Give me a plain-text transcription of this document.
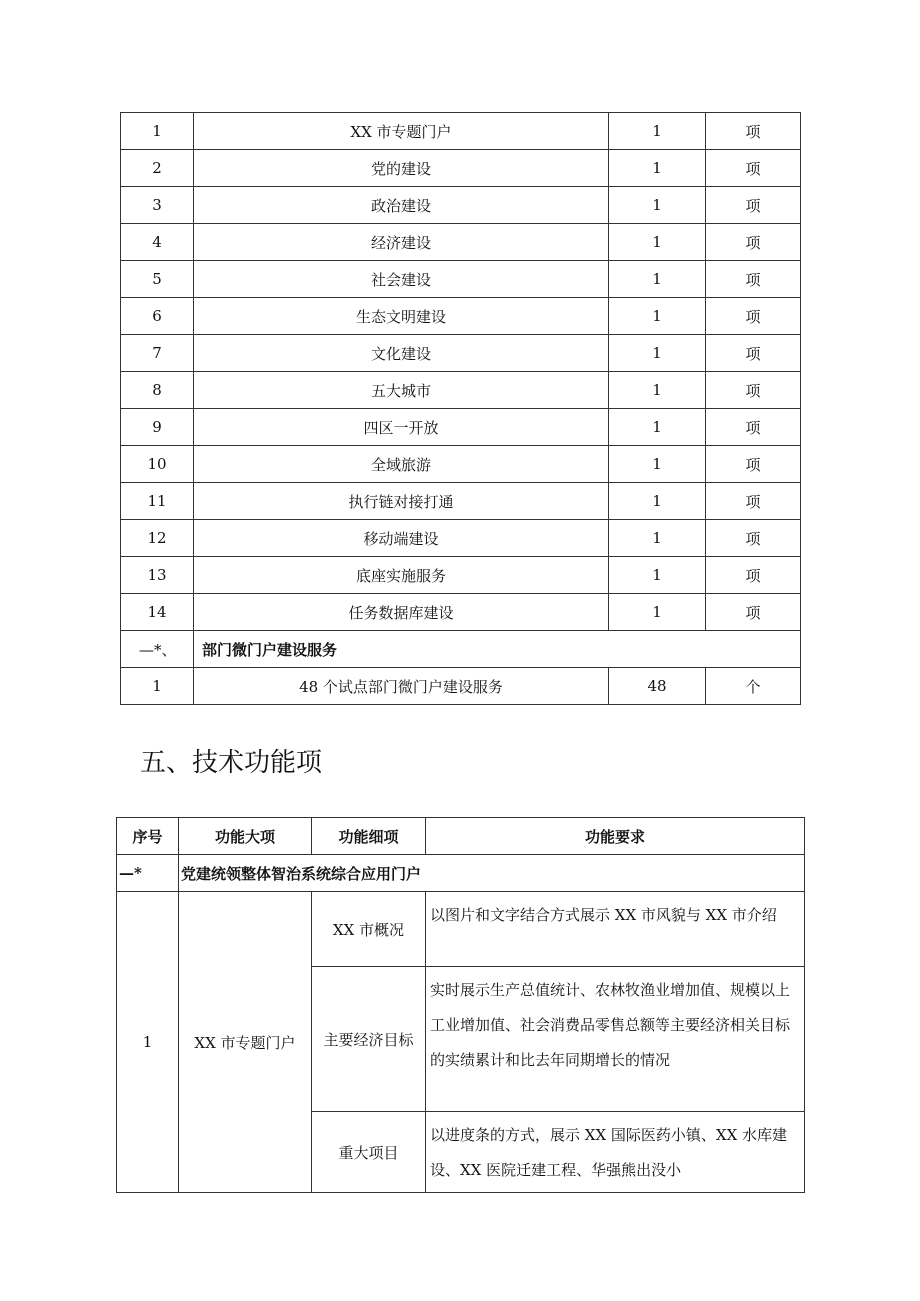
1	XX 市专题门户	1	项
2	党的建设	1	项
3	政治建设	1	项
4	经济建设	1	项
5	社会建设	1	项
6	生态文明建设	1	项
7	文化建设	1	项
8	五大城市	1	项
9	四区一开放	1	项
10	全域旅游	1	项
11	执行链对接打通	1	项
12	移动端建设	1	项
13	底座实施服务	1	项
14	任务数据库建设	1	项
—*、	部门微门户建设服务		
1	48 个试点部门微门户建设服务	48	个
五、技术功能项
序号	功能大项	功能细项	功能要求
—*	党建统领整体智治系统综合应用门户		
1	XX 市专题门户	XX 市概况	以图片和文字结合方式展示 XX 市风貌与 XX 市介绍
		主要经济目标	实时展示生产总值统计、农林牧渔业增加值、规模以上工业增加值、社会消费品零售总额等主要经济相关目标的实绩累计和比去年同期增长的情况
		重大项目	以进度条的方式，展示 XX 国际医药小镇、XX 水库建设、XX 医院迁建工程、华强熊出没小
